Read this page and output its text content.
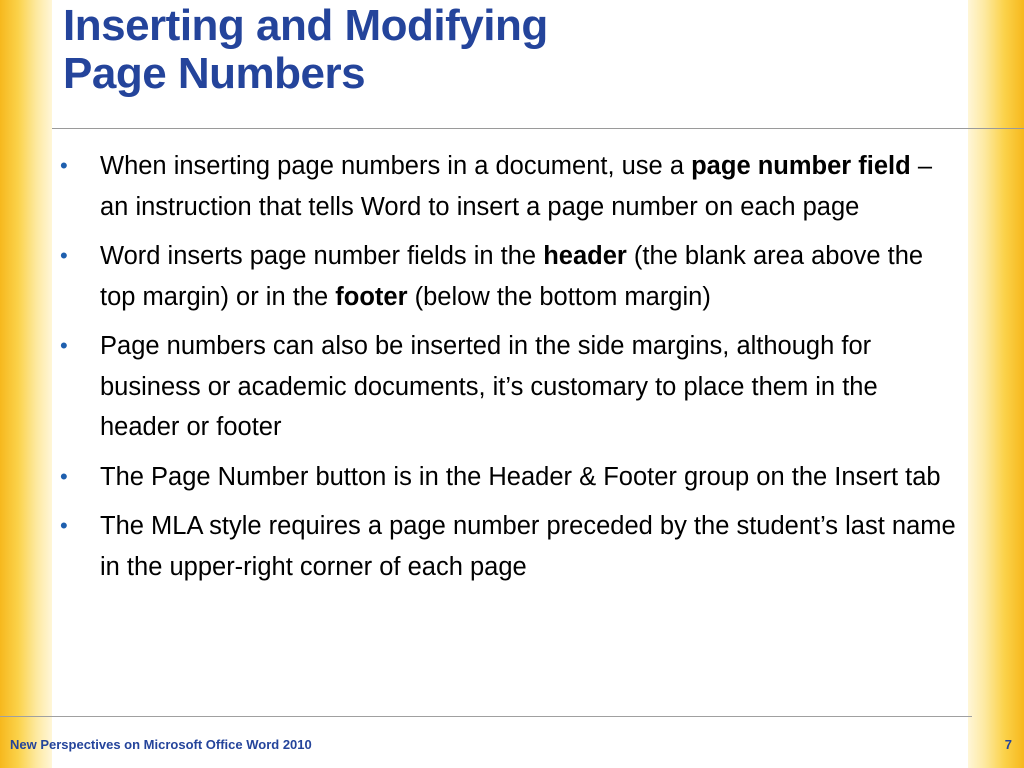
Inserting and Modifying
Page Numbers
•	When inserting page numbers in a document, use a page number field – an instruction that tells Word to insert a page number on each page
•	Word inserts page number fields in the header (the blank area above the top margin) or in the footer (below the bottom margin)
•	Page numbers can also be inserted in the side margins, although for business or academic documents, it’s customary to place them in the header or footer
•	The Page Number button is in the Header & Footer group on the Insert tab
•	The MLA style requires a page number preceded by the student’s last name in the upper-right corner of each page
New Perspectives on Microsoft Office Word 2010	7
